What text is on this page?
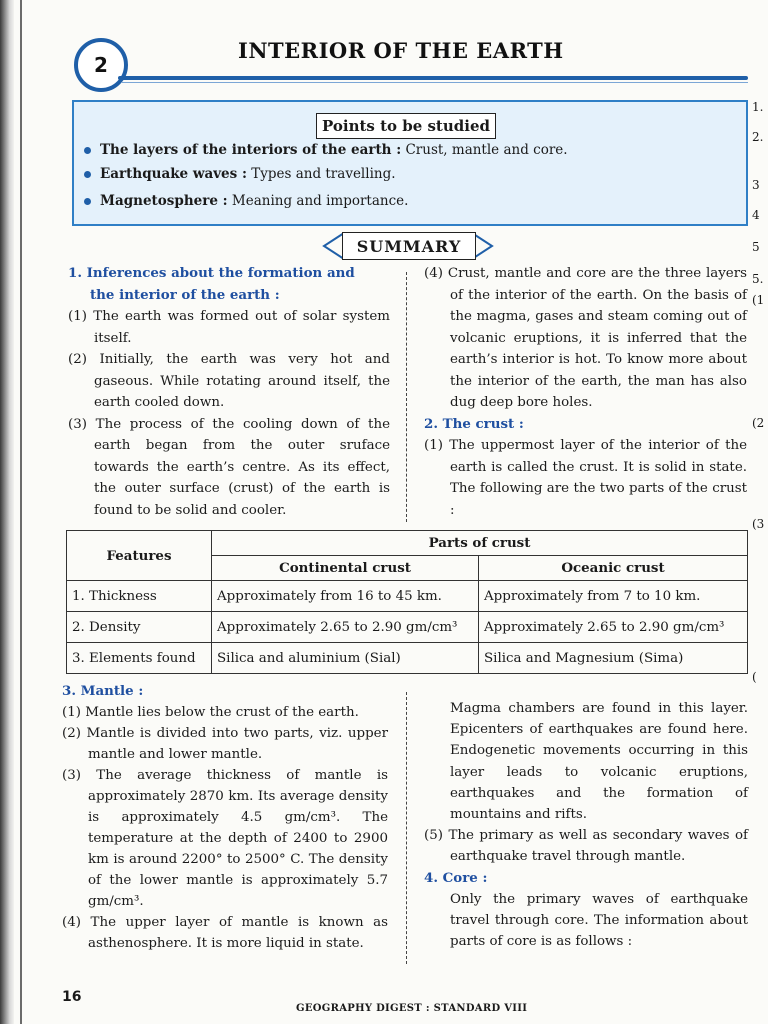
2
INTERIOR OF THE EARTH
Points to be studied
The layers of the interiors of the earth : Crust, mantle and core.
Earthquake waves : Types and travelling.
Magnetosphere : Meaning and importance.
SUMMARY

1. Inferences about the formation and

the interior of the earth :

(1) The earth was formed out of solar system itself.

(2) Initially, the earth was very hot and gaseous. While rotating around itself, the earth cooled down.

(3) The process of the cooling down of the earth began from the outer sruface towards the earth’s centre. As its effect, the outer surface (crust) of the earth is found to be solid and cooler.

(4) Crust, mantle and core are the three layers of the interior of the earth. On the basis of the magma, gases and steam coming out of volcanic eruptions, it is inferred that the earth’s interior is hot. To know more about the interior of the earth, the man has also dug deep bore holes.

2. The crust :

(1) The uppermost layer of the interior of the earth is called the crust. It is solid in state. The following are the two parts of the crust :

Features	Parts of crust	
	Continental crust	Oceanic crust
1. Thickness	Approximately from 16 to 45 km.	Approximately from 7 to 10 km.
2. Density	Approximately 2.65 to 2.90 gm/cm³	Approximately 2.65 to 2.90 gm/cm³
3. Elements found	Silica and aluminium (Sial)	Silica and Magnesium (Sima)

3. Mantle :

(1) Mantle lies below the crust of the earth.

(2) Mantle is divided into two parts, viz. upper mantle and lower mantle.

(3) The average thickness of mantle is approximately 2870 km. Its average density is approximately 4.5 gm/cm³. The temperature at the depth of 2400 to 2900 km is around 2200° to 2500° C. The density of the lower mantle is approximately 5.7 gm/cm³.

(4) The upper layer of mantle is known as asthenosphere. It is more liquid in state.

Magma chambers are found in this layer. Epicenters of earthquakes are found here. Endogenetic movements occurring in this layer leads to volcanic eruptions, earthquakes and the formation of mountains and rifts.

(5) The primary as well as secondary waves of earthquake travel through mantle.

4. Core :

Only the primary waves of earthquake travel through core. The information about parts of core is as follows :

16
GEOGRAPHY DIGEST : STANDARD VIII
1.
2.
3
4
5
5.
(1
(2
(3
(
